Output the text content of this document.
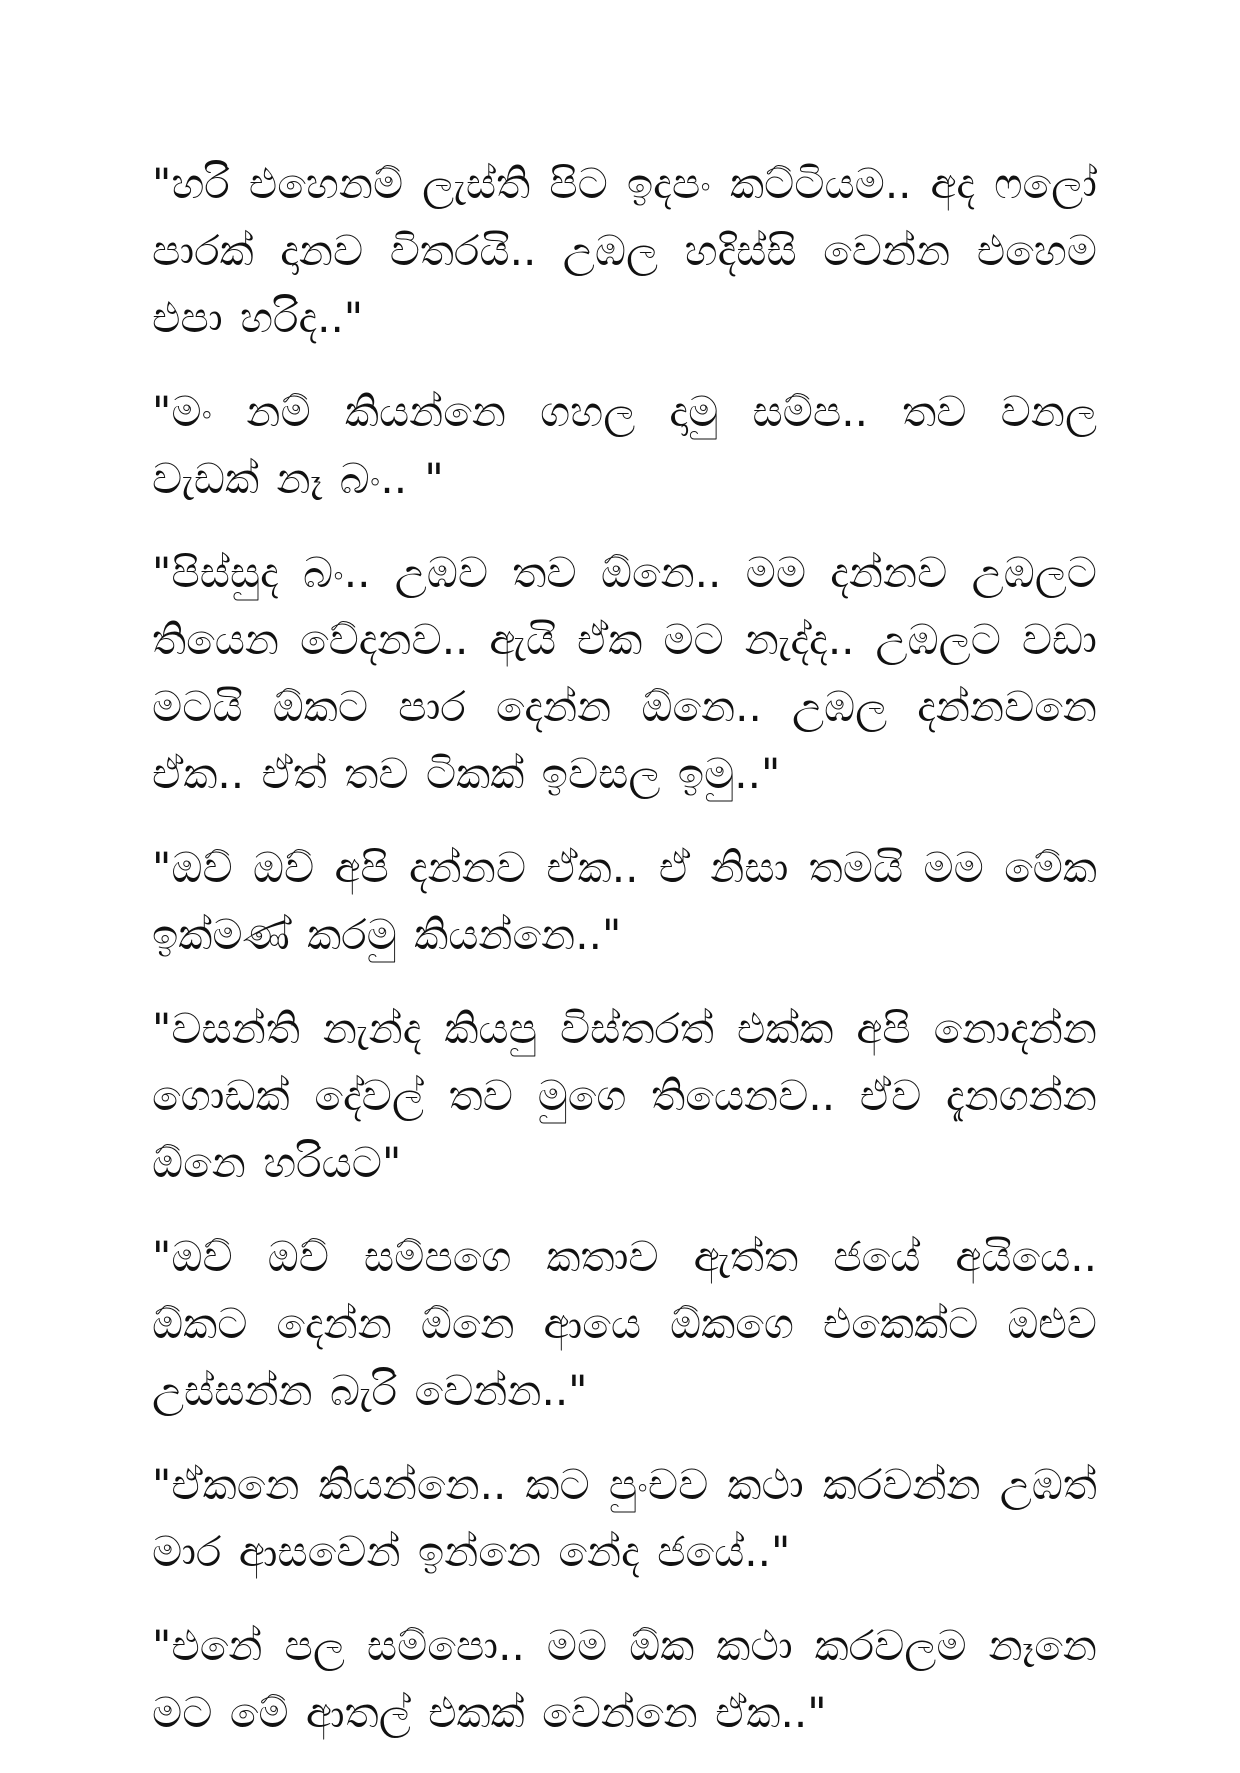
"හරි එහෙනම් ලැස්ති පිට ඉදපං කට්ටියම.. අද ෆලෝ පාරක් දානව විතරයි.. උඹල හදිස්සි වෙන්න එහෙම එපා හරිද.."

"මං නම් කියන්නෙ ගහල දාමු සම්ප.. තව වනල වැඩක් නෑ බං.. "

"පිස්සුද බං.. උඹව තව ඕනෙ.. මම දන්නව උඹලට තියෙන වේදනව.. ඇයි ඒක මට නැද්ද.. උඹලට වඩා මටයි ඕකට පාර දෙන්න ඕනෙ.. උඹල දන්නවනෙ ඒක.. ඒත් තව ටිකක් ඉවසල ඉමු.."

"ඔව් ඔව් අපි දන්නව ඒක.. ඒ නිසා තමයි මම මේක ඉක්මණ් කරමු කියන්නෙ.."

"වසන්ති නැන්ද කියපු විස්තරත් එක්ක අපි නොදන්න ගොඩක් දේවල් තව මුගෙ තියෙනව.. ඒව දැනගන්න ඕනෙ හරියට"

"ඔව් ඔව් සම්පගෙ කතාව ඇත්ත ජයේ අයියෙ.. ඕකට දෙන්න ඕනෙ ආයෙ ඕකගෙ එකෙක්ට ඔළුව උස්සන්න බැරි වෙන්න.."

"ඒකනෙ කියන්නෙ.. කට පුංචව කථා කරවන්න උඹත් මාර ආසවෙන් ඉන්නෙ නේද ජයේ.."

"එනේ පල සම්පො.. මම ඕක කථා කරවලම නෑනෙ මට මේ ආතල් එකක් වෙන්නෙ ඒක.."
